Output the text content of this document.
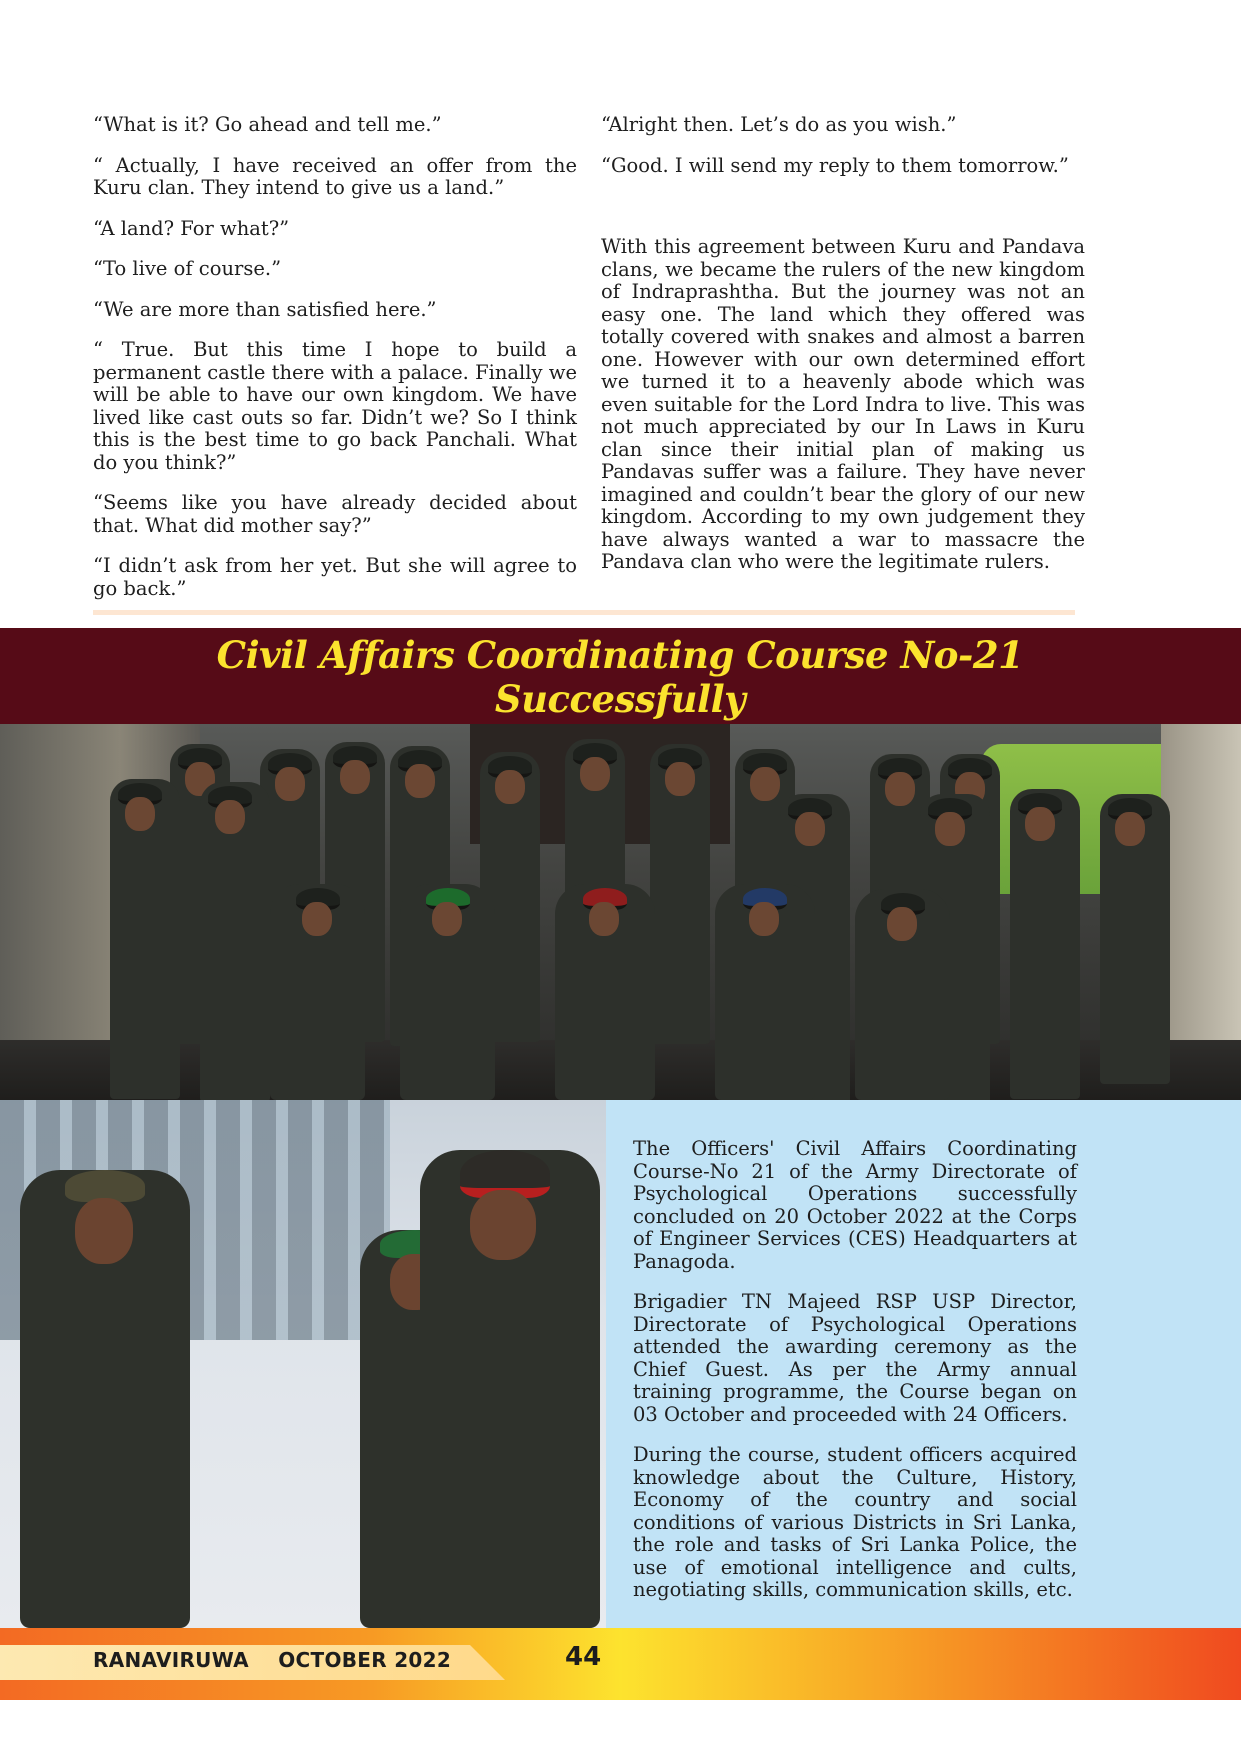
“What is it? Go ahead and tell me.”

“ Actually, I have received an offer from the Kuru clan. They intend to give us a land.”

“A land? For what?”

“To live of course.”

“We are more than satisfied here.”

“ True. But this time I hope to build a permanent castle there with a palace. Finally we will be able to have our own kingdom. We have lived like cast outs so far. Didn’t we? So I think this is the best time to go back Panchali. What do you think?”

“Seems like you have already decided about that. What did mother say?”

“I didn’t ask from her yet. But she will agree to go back.”

“Alright then. Let’s do as you wish.”

“Good. I will send my reply to them tomorrow.”

With this agreement between Kuru and Pandava clans, we became the rulers of the new kingdom of Indraprashtha. But the journey was not an easy one. The land which they offered was totally covered with snakes and almost a barren one. However with our own determined effort we turned it to a heavenly abode which was even suitable for the Lord Indra to live. This was not much appreciated by our In Laws in Kuru clan since their initial plan of making us Pandavas suffer was a failure. They have never imagined and couldn’t bear the glory of our new kingdom. According to my own judgement they have always wanted a war to massacre the Pandava clan who were the legitimate rulers.

Civil Affairs Coordinating Course No-21 Successfully

The Officers' Civil Affairs Coordinating Course-No 21 of the Army Directorate of Psychological Operations successfully concluded on 20 October 2022 at the Corps of Engineer Services (CES) Headquarters at Panagoda.

Brigadier TN Majeed RSP USP Director, Directorate of Psychological Operations attended the awarding ceremony as the Chief Guest. As per the Army annual training programme, the Course began on 03 October and proceeded with 24 Officers.

During the course, student officers acquired knowledge about the Culture, History, Economy of the country and social conditions of various Districts in Sri Lanka, the role and tasks of Sri Lanka Police, the use of emotional intelligence and cults, negotiating skills, communication skills, etc.

RANAVIRUWA OCTOBER 2022	44
